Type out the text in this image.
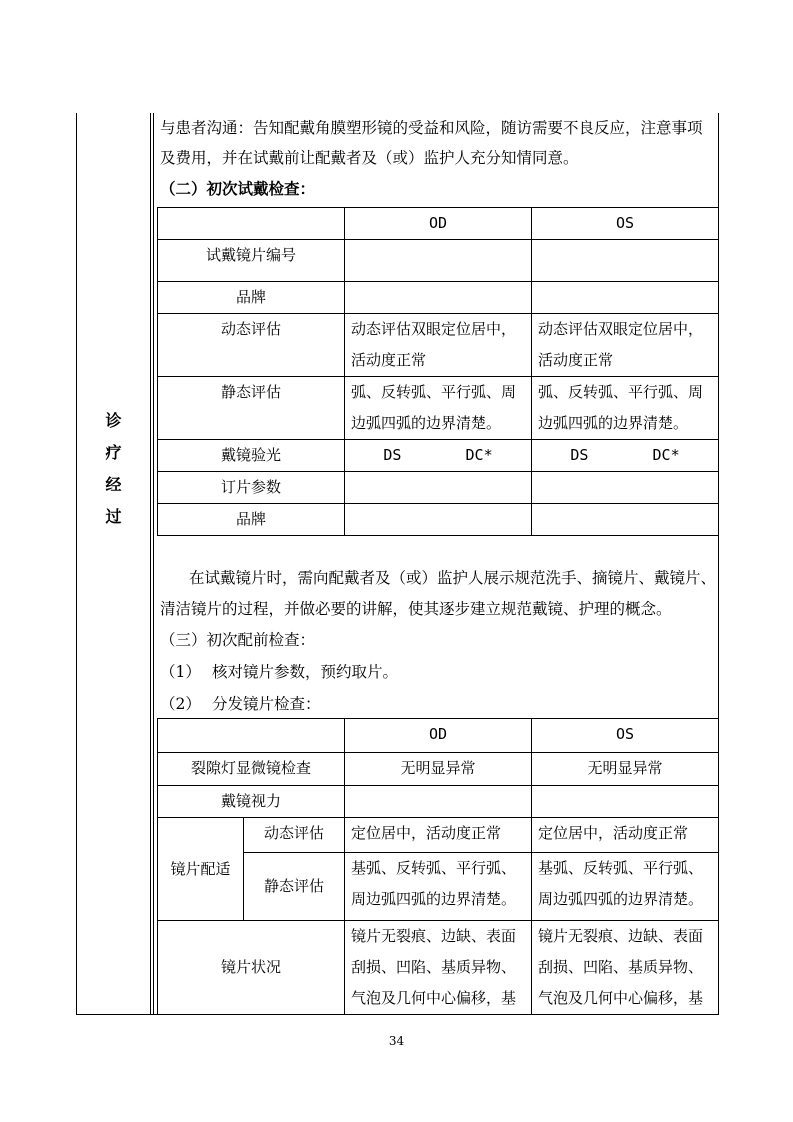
诊
疗
经
过
与患者沟通：告知配戴角膜塑形镜的受益和风险，随访需要不良反应，注意事项
及费用，并在试戴前让配戴者及（或）监护人充分知情同意。
（二）初次试戴检查：
	OD	OS
试戴镜片编号		
品牌		
动态评估	动态评估双眼定位居中，活动度正常	动态评估双眼定位居中，活动度正常
静态评估	弧、反转弧、平行弧、周边弧四弧的边界清楚。	弧、反转弧、平行弧、周边弧四弧的边界清楚。
戴镜验光	DS DC*	DS DC*
订片参数		
品牌		
在试戴镜片时，需向配戴者及（或）监护人展示规范洗手、摘镜片、戴镜片、
清洁镜片的过程，并做必要的讲解，使其逐步建立规范戴镜、护理的概念。
（三）初次配前检查：
（1） 核对镜片参数，预约取片。
（2） 分发镜片检查：
		OD	OS
裂隙灯显微镜检查		无明显异常	无明显异常
戴镜视力			
镜片配适	动态评估	定位居中，活动度正常	定位居中，活动度正常
	静态评估	基弧、反转弧、平行弧、周边弧四弧的边界清楚。	基弧、反转弧、平行弧、周边弧四弧的边界清楚。
镜片状况		镜片无裂痕、边缺、表面刮损、凹陷、基质异物、气泡及几何中心偏移，基	镜片无裂痕、边缺、表面刮损、凹陷、基质异物、气泡及几何中心偏移，基
34
